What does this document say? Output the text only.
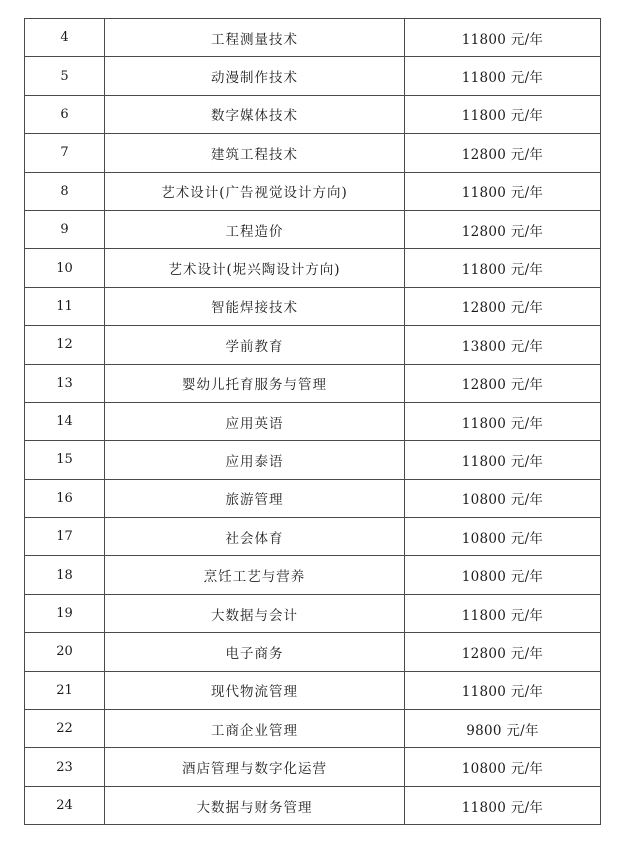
4	工程测量技术	11800 元/年
5	动漫制作技术	11800 元/年
6	数字媒体技术	11800 元/年
7	建筑工程技术	12800 元/年
8	艺术设计(广告视觉设计方向)	11800 元/年
9	工程造价	12800 元/年
10	艺术设计(坭兴陶设计方向)	11800 元/年
11	智能焊接技术	12800 元/年
12	学前教育	13800 元/年
13	婴幼儿托育服务与管理	12800 元/年
14	应用英语	11800 元/年
15	应用泰语	11800 元/年
16	旅游管理	10800 元/年
17	社会体育	10800 元/年
18	烹饪工艺与营养	10800 元/年
19	大数据与会计	11800 元/年
20	电子商务	12800 元/年
21	现代物流管理	11800 元/年
22	工商企业管理	9800 元/年
23	酒店管理与数字化运营	10800 元/年
24	大数据与财务管理	11800 元/年
